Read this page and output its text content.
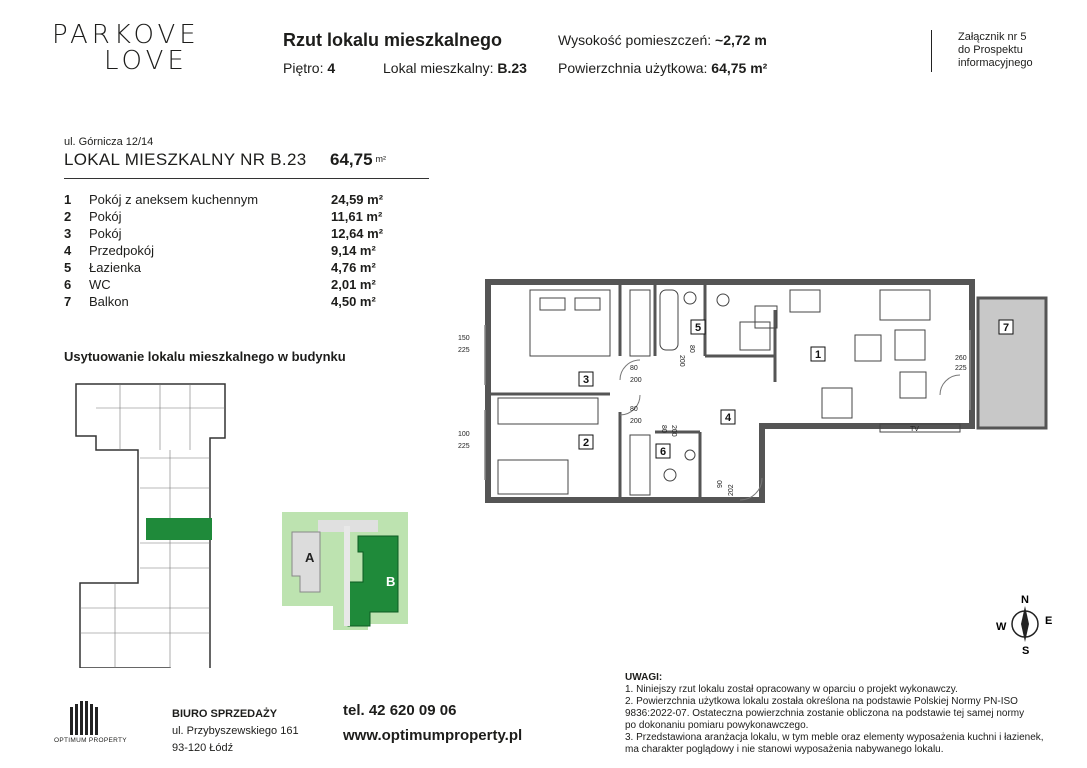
PARKOVE
LOVE
Rzut lokalu mieszkalnego
Piętro: 4	Lokal mieszkalny: B.23
Wysokość pomieszczeń: ~2,72 m
Powierzchnia użytkowa: 64,75 m²
Załącznik nr 5
do Prospektu
informacyjnego
ul. Górnicza 12/14
LOKAL MIESZKALNY NR B.23 64,75 $^{m^2}$
1	Pokój z aneksem kuchennym	24,59 m²
2	Pokój	11,61 m²
3	Pokój	12,64 m²
4	Przedpokój	9,14 m²
5	Łazienka	4,76 m²
6	WC	2,01 m²
7	Balkon	4,50 m²
Usytuowanie lokalu mieszkalnego w budynku	1
2
3
4
5
6
7
150
225
100
225
80
200
80
200
80
200
80 200
260
225
90
202
TV
A
B
N
S
E
W
UWAGI:
1. Niniejszy rzut lokalu został opracowany w oparciu o projekt wykonawczy.
2. Powierzchnia użytkowa lokalu została określona na podstawie Polskiej Normy PN-ISO
9836:2022-07. Ostateczna powierzchnia zostanie obliczona na podstawie tej samej normy
po dokonaniu pomiaru powykonawczego.
3. Przedstawiona aranżacja lokalu, w tym meble oraz elementy wyposażenia kuchni i łazienek,
ma charakter poglądowy i nie stanowi wyposażenia nabywanego lokalu.
OPTIMUM PROPERTY
BIURO SPRZEDAŻY
ul. Przybyszewskiego 161
93-120 Łódź
tel. 42 620 09 06
www.optimumproperty.pl
